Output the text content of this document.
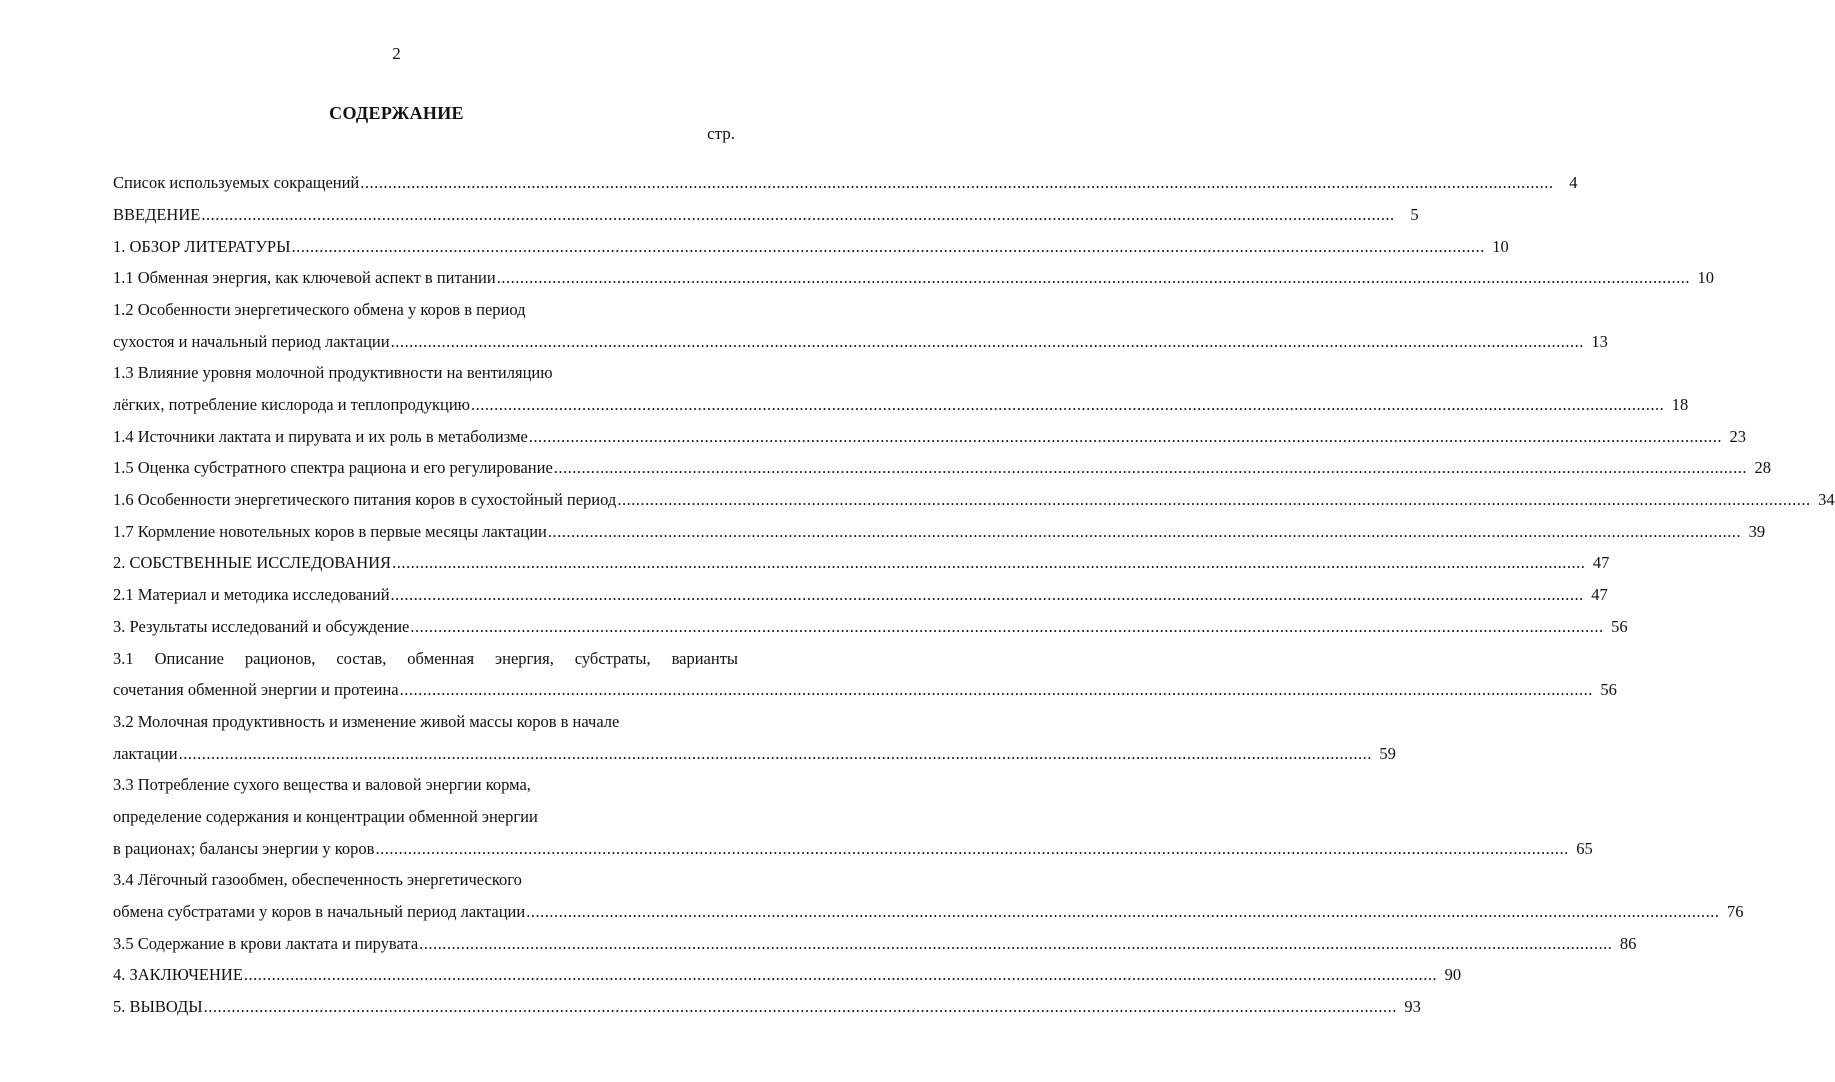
2
СОДЕРЖАНИЕ
стр.
Список используемых сокращений .....	4
ВВЕДЕНИЕ .....	5
1. ОБЗОР ЛИТЕРАТУРЫ .....	10
1.1 Обменная энергия, как ключевой аспект в питании .....	10
1.2 Особенности энергетического обмена у коров в период
сухостоя и начальный период лактации .....	13
1.3 Влияние уровня молочной продуктивности на вентиляцию
лёгких, потребление кислорода и теплопродукцию .....	18
1.4 Источники лактата и пирувата и их роль в метаболизме .....	23
1.5 Оценка субстратного спектра рациона и его регулирование .....	28
1.6 Особенности энергетического питания коров в сухостойный период .....	34
1.7 Кормление новотельных коров в первые месяцы лактации .....	39
2. СОБСТВЕННЫЕ ИССЛЕДОВАНИЯ .....	47
2.1 Материал и методика исследований .....	47
3. Результаты исследований и обсуждение .....	56
3.1 Описание рационов, состав, обменная энергия, субстраты, варианты
сочетания обменной энергии и протеина .....	56
3.2 Молочная продуктивность и изменение живой массы коров в начале
лактации .....	59
3.3 Потребление сухого вещества и валовой энергии корма,
определение содержания и концентрации обменной энергии
в рационах; балансы энергии у коров .....	65
3.4 Лёгочный газообмен, обеспеченность энергетического
обмена субстратами у коров в начальный период лактации .....	76
3.5 Содержание в крови лактата и пирувата .....	86
4. ЗАКЛЮЧЕНИЕ .....	90
5. ВЫВОДЫ .....	93
